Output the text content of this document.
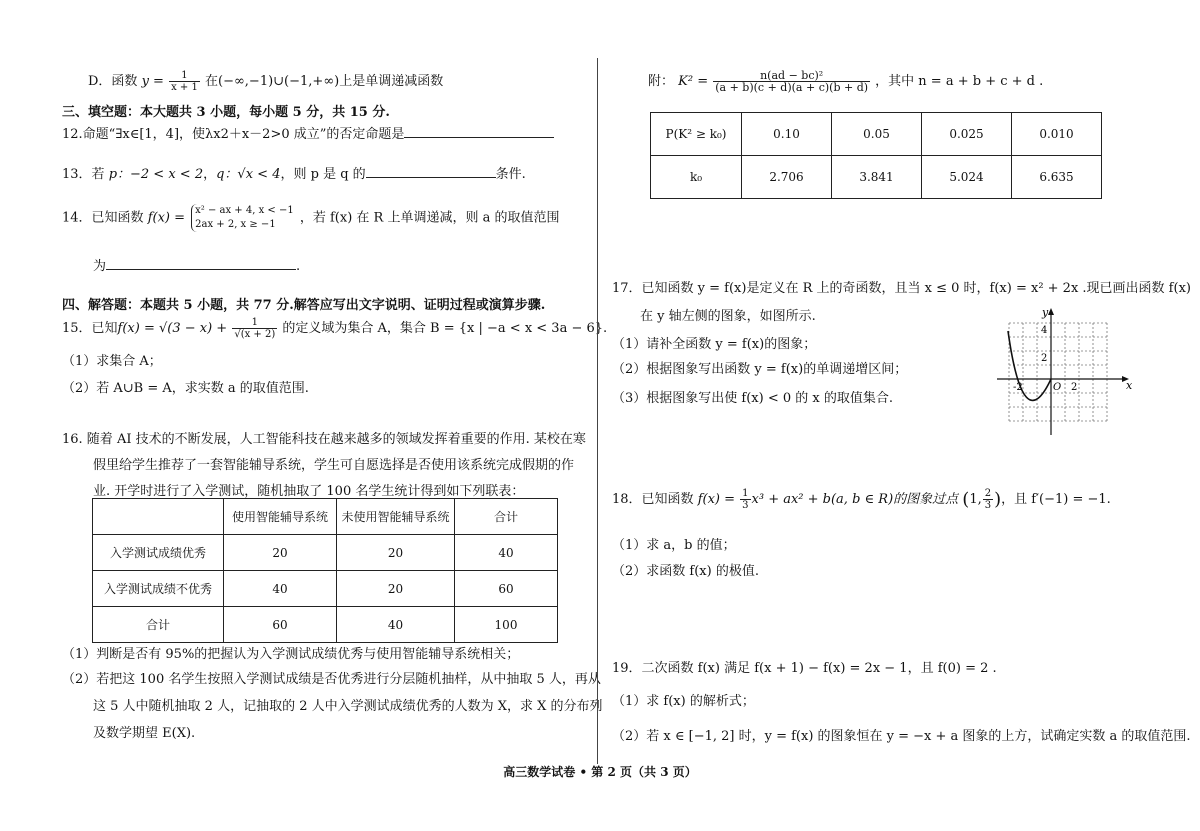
D．函数 $y = \frac{1}{x + 1}$ 在(−∞,−1)∪(−1,+∞)上是单调递减函数
三、填空题：本大题共 3 小题，每小题 5 分，共 15 分.
12.命题“∃x∈[1，4]，使λx2＋x－2>0 成立”的否定命题是
13．若 p：−2 < x < 2，q：√x < 4，则 p 是 q 的	条件.
14．已知函数 f(x) = x² − ax + 4, x < −1
2ax + 2, x ≥ −1	，若 f(x) 在 R 上单调递减，则 a 的取值范围
为	.
四、解答题：本题共 5 小题，共 77 分.解答应写出文字说明、证明过程或演算步骤.
15．已知$f(x) = √(3 - x) + \frac{1}{√(x + 2)}$ 的定义域为集合 A，集合 B = {x | −a < x < 3a − 6}.
（1）求集合 A；
（2）若 A∪B = A，求实数 a 的取值范围.
16. 随着 AI 技术的不断发展，人工智能科技在越来越多的领域发挥着重要的作用. 某校在寒
假里给学生推荐了一套智能辅导系统，学生可自愿选择是否使用该系统完成假期的作
业. 开学时进行了入学测试，随机抽取了 100 名学生统计得到如下列联表：
	使用智能辅导系统	未使用智能辅导系统	合计
入学测试成绩优秀	20	20	40
入学测试成绩不优秀	40	20	60
合计	60	40	100
（1）判断是否有 95%的把握认为入学测试成绩优秀与使用智能辅导系统相关；
（2）若把这 100 名学生按照入学测试成绩是否优秀进行分层随机抽样，从中抽取 5 人，再从
这 5 人中随机抽取 2 人，记抽取的 2 人中入学测试成绩优秀的人数为 X，求 X 的分布列
及数学期望 E(X).
附： $K^2 = \frac{\text{n(ad − bc)²}}{(a + b)(c + d)(a + c)(b + d)}$ ，其中 n = a + b + c + d .
P(K² ≥ k₀)	0.10	0.05	0.025	0.010
k₀	2.706	3.841	5.024	6.635
17．已知函数 y = f(x)是定义在 R 上的奇函数，且当 x ≤ 0 时，f(x) = x² + 2x .现已画出函数 f(x)
在 y 轴左侧的图象，如图所示.
（1）请补全函数 y = f(x)的图象；
（2）根据图象写出函数 y = f(x)的单调递增区间；
（3）根据图象写出使 f(x) < 0 的 x 的取值集合.
y
x
O
4
2
-2	2
18．已知函数 $f(x) = \frac{1}{3} x^3 + ax^2 + b(a$, b ∈ R)的图象过点 (1, $\frac{2}{3}$ )，且 f′(−1) = −1.
（1）求 a，b 的值；
（2）求函数 f(x) 的极值.
19．二次函数 f(x) 满足 f(x + 1) − f(x) = 2x − 1，且 f(0) = 2 .
（1）求 f(x) 的解析式；
（2）若 x ∈ [−1, 2] 时，y = f(x) 的图象恒在 y = −x + a 图象的上方，试确定实数 a 的取值范围.
高三数学试卷 • 第 2 页（共 3 页）
